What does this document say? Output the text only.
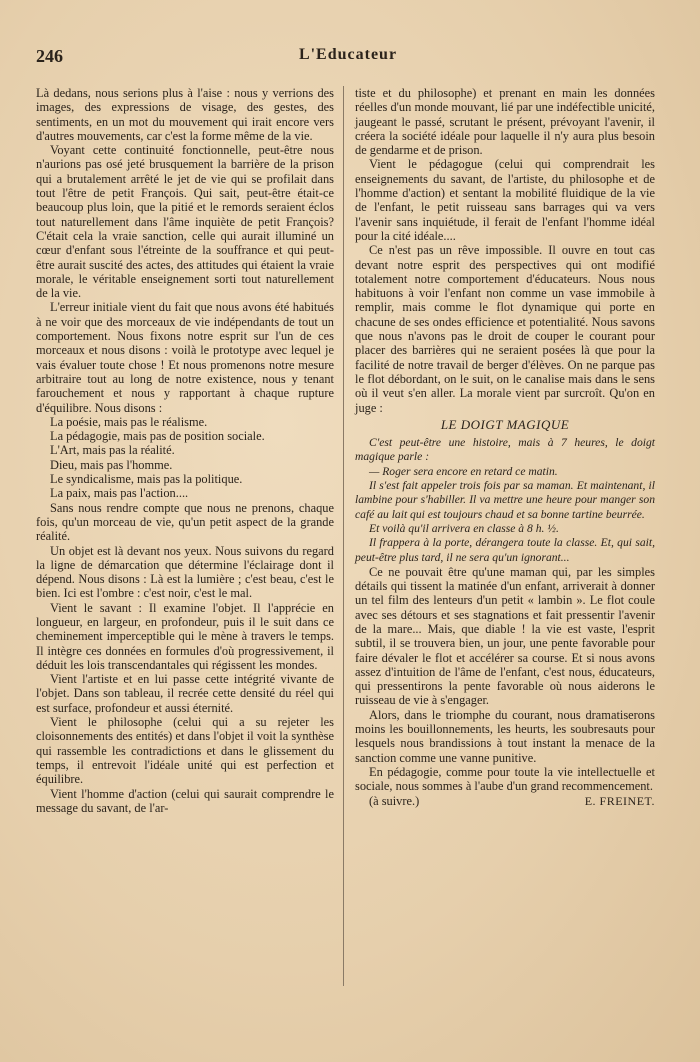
246	L'Educateur

Là dedans, nous serions plus à l'aise : nous y verrions des images, des expressions de visage, des gestes, des sentiments, en un mot du mouvement qui irait encore vers d'autres mouvements, car c'est la forme même de la vie.

Voyant cette continuité fonctionnelle, peut-être nous n'aurions pas osé jeté brusquement la barrière de la prison qui a brutalement arrêté le jet de vie qui se profilait dans tout l'être de petit François. Qui sait, peut-être était-ce beaucoup plus loin, que la pitié et le remords seraient éclos tout naturellement dans l'âme inquiète de petit François? C'était cela la vraie sanction, celle qui aurait illuminé un cœur d'enfant sous l'étreinte de la souffrance et qui peut-être aurait suscité des actes, des attitudes qui étaient la vraie morale, le véritable enseignement sorti tout naturellement de la vie.

L'erreur initiale vient du fait que nous avons été habitués à ne voir que des morceaux de vie indépendants de tout un comportement. Nous fixons notre esprit sur l'un de ces morceaux et nous disons : voilà le prototype avec lequel je vais évaluer toute chose ! Et nous promenons notre mesure arbitraire tout au long de notre existence, nous y tenant farouchement et nous y rapportant à chaque rupture d'équilibre. Nous disons :

La poésie, mais pas le réalisme.
La pédagogie, mais pas de position sociale.
L'Art, mais pas la réalité.
Dieu, mais pas l'homme.
Le syndicalisme, mais pas la politique.
La paix, mais pas l'action....

Sans nous rendre compte que nous ne prenons, chaque fois, qu'un morceau de vie, qu'un petit aspect de la grande réalité.

Un objet est là devant nos yeux. Nous suivons du regard la ligne de démarcation que détermine l'éclairage dont il dépend. Nous disons : Là est la lumière ; c'est beau, c'est le bien. Ici est l'ombre : c'est noir, c'est le mal.

Vient le savant : Il examine l'objet. Il l'apprécie en longueur, en largeur, en profondeur, puis il le suit dans ce cheminement imperceptible qui le mène à travers le temps. Il intègre ces données en formules d'où progressivement, il déduit les lois transcendantales qui régissent les mondes.

Vient l'artiste et en lui passe cette intégrité vivante de l'objet. Dans son tableau, il recrée cette densité du réel qui est surface, profondeur et aussi éternité.

Vient le philosophe (celui qui a su rejeter les cloisonnements des entités) et dans l'objet il voit la synthèse qui rassemble les contradictions et dans le glissement du temps, il entrevoit l'idéale unité qui est perfection et équilibre.

Vient l'homme d'action (celui qui saurait comprendre le message du savant, de l'ar-

tiste et du philosophe) et prenant en main les données réelles d'un monde mouvant, lié par une indéfectible unicité, jaugeant le passé, scrutant le présent, prévoyant l'avenir, il créera la société idéale pour laquelle il n'y aura plus besoin de gendarme et de prison.

Vient le pédagogue (celui qui comprendrait les enseignements du savant, de l'artiste, du philosophe et de l'homme d'action) et sentant la mobilité fluidique de la vie de l'enfant, le petit ruisseau sans barrages qui va vers l'avenir sans inquiétude, il ferait de l'enfant l'homme idéal pour la cité idéale....

Ce n'est pas un rêve impossible. Il ouvre en tout cas devant notre esprit des perspectives qui ont modifié totalement notre comportement d'éducateurs. Nous nous habituons à voir l'enfant non comme un vase immobile à remplir, mais comme le flot dynamique qui porte en chacune de ses ondes efficience et potentialité. Nous savons que nous n'avons pas le droit de couper le courant pour placer des barrières qui ne seraient posées là que pour la facilité de notre travail de berger d'élèves. On ne parque pas le flot débordant, on le suit, on le canalise mais dans le sens où il veut s'en aller. La morale vient par surcroît. Qu'on en juge :

LE DOIGT MAGIQUE

C'est peut-être une histoire, mais à 7 heures, le doigt magique parle :

— Roger sera encore en retard ce matin.

Il s'est fait appeler trois fois par sa maman. Et maintenant, il lambine pour s'habiller. Il va mettre une heure pour manger son café au lait qui est toujours chaud et sa bonne tartine beurrée.

Et voilà qu'il arrivera en classe à 8 h. ½.

Il frappera à la porte, dérangera toute la classe. Et, qui sait, peut-être plus tard, il ne sera qu'un ignorant...

Ce ne pouvait être qu'une maman qui, par les simples détails qui tissent la matinée d'un enfant, arriverait à donner un tel film des lenteurs d'un petit « lambin ». Le flot coule avec ses détours et ses stagnations et fait pressentir l'avenir de la mare... Mais, que diable ! la vie est vaste, l'esprit subtil, il se trouvera bien, un jour, une pente favorable pour faire dévaler le flot et accélérer sa course. Et si nous avons assez d'intuition de l'âme de l'enfant, c'est nous, éducateurs, qui pressentirons la pente favorable où nous aiderons le ruisseau de vie à s'engager.

Alors, dans le triomphe du courant, nous dramatiserons moins les bouillonnements, les heurts, les soubresauts pour lesquels nous brandissions à tout instant la menace de la sanction comme une vanne punitive.

En pédagogie, comme pour toute la vie intellectuelle et sociale, nous sommes à l'aube d'un grand recommencement.

(à suivre.)	E. FREINET.
